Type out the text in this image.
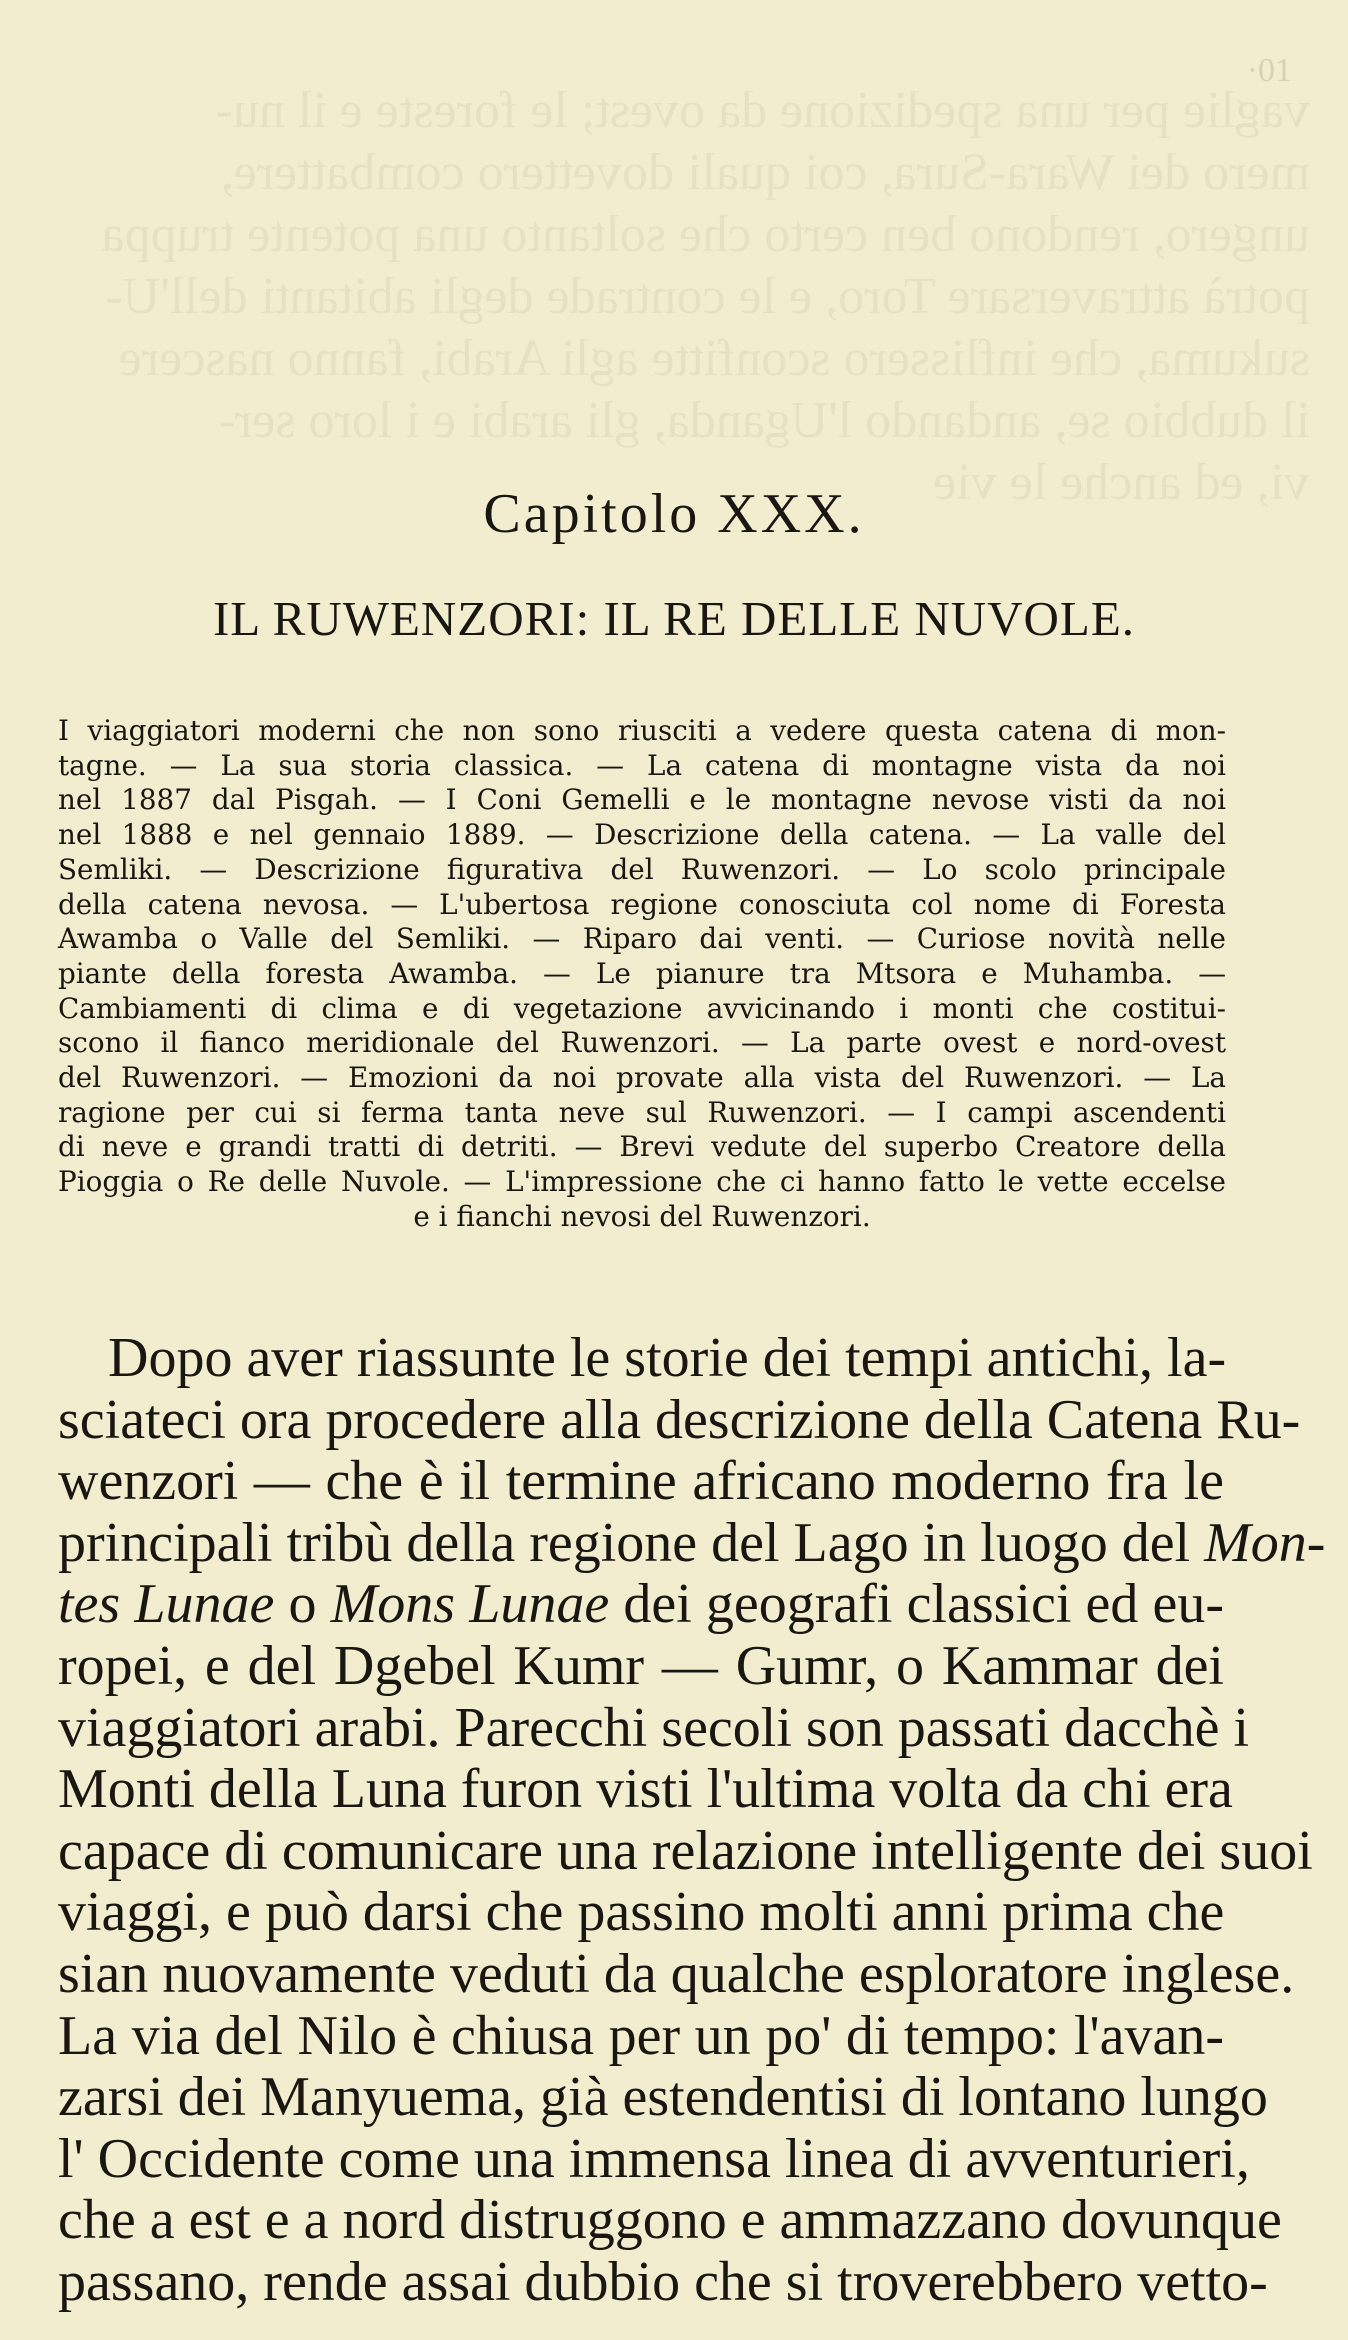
·01
vaglie per una spedizione da ovest; le foreste e il nu-
mero dei Wara-Sura, coi quali dovettero combattere,
ungero, rendono ben certo che soltanto una potente truppa
potrà attraversare Toro, e le contrade degli abitanti dell'U-
sukuma, che inflissero sconfitte agli Arabi, fanno nascere
il dubbio se, andando l'Uganda, gli arabi e i loro ser-
vi, ed anche le vie
Capitolo XXX.
IL RUWENZORI: IL RE DELLE NUVOLE.
I viaggiatori moderni che non sono riusciti a vedere questa catena di mon-
tagne. — La sua storia classica. — La catena di montagne vista da noi
nel 1887 dal Pisgah. — I Coni Gemelli e le montagne nevose visti da noi
nel 1888 e nel gennaio 1889. — Descrizione della catena. — La valle del
Semliki. — Descrizione figurativa del Ruwenzori. — Lo scolo principale
della catena nevosa. — L'ubertosa regione conosciuta col nome di Foresta
Awamba o Valle del Semliki. — Riparo dai venti. — Curiose novità nelle
piante della foresta Awamba. — Le pianure tra Mtsora e Muhamba. —
Cambiamenti di clima e di vegetazione avvicinando i monti che costitui-
scono il fianco meridionale del Ruwenzori. — La parte ovest e nord-ovest
del Ruwenzori. — Emozioni da noi provate alla vista del Ruwenzori. — La
ragione per cui si ferma tanta neve sul Ruwenzori. — I campi ascendenti
di neve e grandi tratti di detriti. — Brevi vedute del superbo Creatore della
Pioggia o Re delle Nuvole. — L'impressione che ci hanno fatto le vette eccelse
e i fianchi nevosi del Ruwenzori.
Dopo aver riassunte le storie dei tempi antichi, la-
sciateci ora procedere alla descrizione della Catena Ru-
wenzori — che è il termine africano moderno fra le
principali tribù della regione del Lago in luogo del Mon-
tes Lunae o Mons Lunae dei geografi classici ed eu-
ropei, e del Dgebel Kumr — Gumr, o Kammar dei
viaggiatori arabi. Parecchi secoli son passati dacchè i
Monti della Luna furon visti l'ultima volta da chi era
capace di comunicare una relazione intelligente dei suoi
viaggi, e può darsi che passino molti anni prima che
sian nuovamente veduti da qualche esploratore inglese.
La via del Nilo è chiusa per un po' di tempo: l'avan-
zarsi dei Manyuema, già estendentisi di lontano lungo
l' Occidente come una immensa linea di avventurieri,
che a est e a nord distruggono e ammazzano dovunque
passano, rende assai dubbio che si troverebbero vetto-
